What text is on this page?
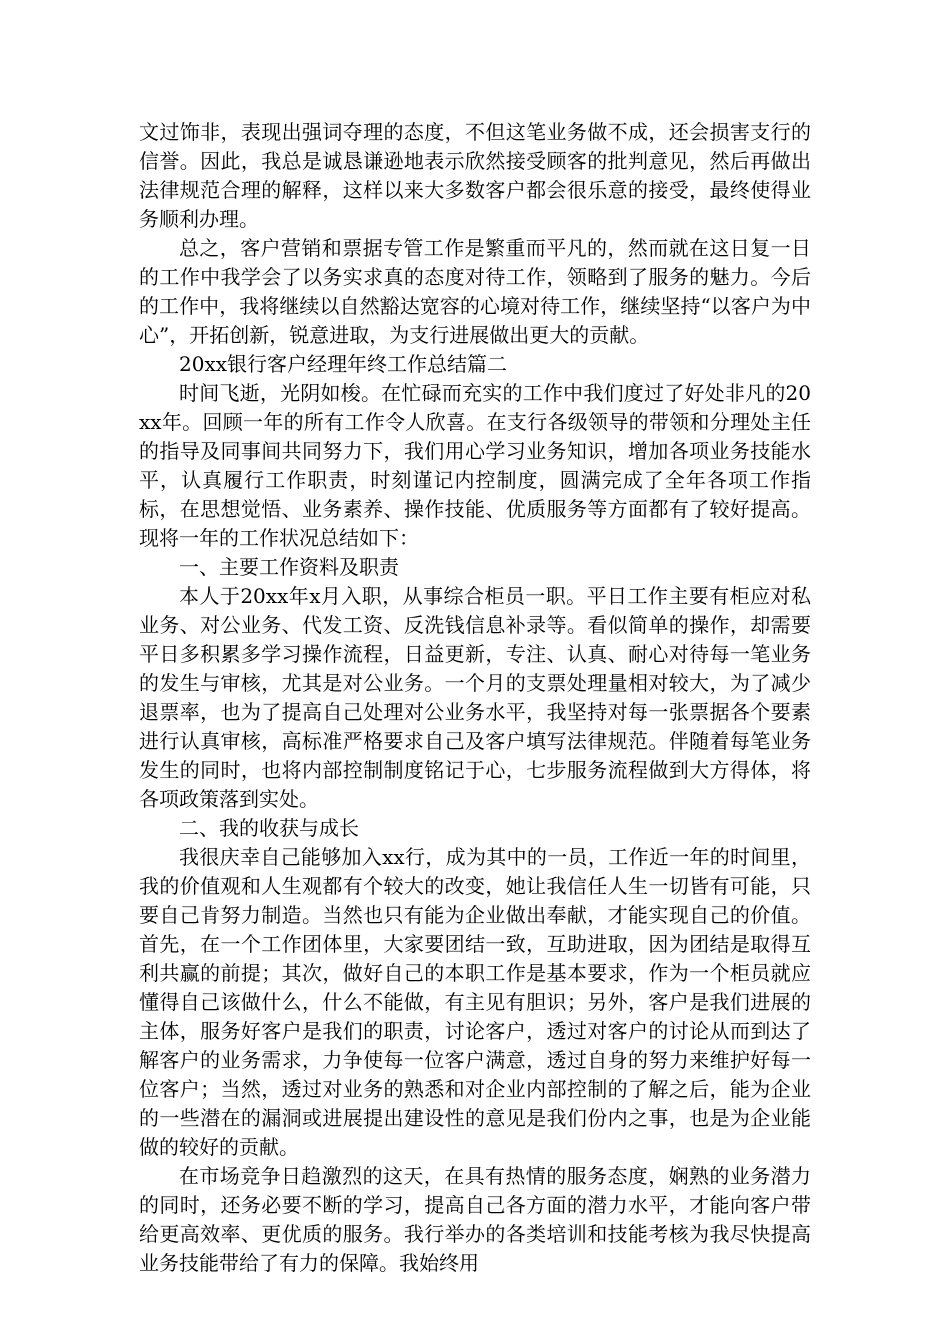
文过饰非，表现出强词夺理的态度，不但这笔业务做不成，还会损害支行的信誉。因此，我总是诚恳谦逊地表示欣然接受顾客的批判意见，然后再做出法律规范合理的解释，这样以来大多数客户都会很乐意的接受，最终使得业务顺利办理。

总之，客户营销和票据专管工作是繁重而平凡的，然而就在这日复一日的工作中我学会了以务实求真的态度对待工作，领略到了服务的魅力。今后的工作中，我将继续以自然豁达宽容的心境对待工作，继续坚持“以客户为中心”，开拓创新，锐意进取，为支行进展做出更大的贡献。

20xx银行客户经理年终工作总结篇二

时间飞逝，光阴如梭。在忙碌而充实的工作中我们度过了好处非凡的20xx年。回顾一年的所有工作令人欣喜。在支行各级领导的带领和分理处主任的指导及同事间共同努力下，我们用心学习业务知识，增加各项业务技能水平，认真履行工作职责，时刻谨记内控制度，圆满完成了全年各项工作指标，在思想觉悟、业务素养、操作技能、优质服务等方面都有了较好提高。现将一年的工作状况总结如下：

一、主要工作资料及职责

本人于20xx年x月入职，从事综合柜员一职。平日工作主要有柜应对私业务、对公业务、代发工资、反洗钱信息补录等。看似简单的操作，却需要平日多积累多学习操作流程，日益更新，专注、认真、耐心对待每一笔业务的发生与审核，尤其是对公业务。一个月的支票处理量相对较大，为了减少退票率，也为了提高自己处理对公业务水平，我坚持对每一张票据各个要素进行认真审核，高标准严格要求自己及客户填写法律规范。伴随着每笔业务发生的同时，也将内部控制制度铭记于心，七步服务流程做到大方得体，将各项政策落到实处。

二、我的收获与成长

我很庆幸自己能够加入xx行，成为其中的一员，工作近一年的时间里，我的价值观和人生观都有个较大的改变，她让我信任人生一切皆有可能，只要自己肯努力制造。当然也只有能为企业做出奉献，才能实现自己的价值。首先，在一个工作团体里，大家要团结一致，互助进取，因为团结是取得互利共赢的前提；其次，做好自己的本职工作是基本要求，作为一个柜员就应懂得自己该做什么，什么不能做，有主见有胆识；另外，客户是我们进展的主体，服务好客户是我们的职责，讨论客户，透过对客户的讨论从而到达了解客户的业务需求，力争使每一位客户满意，透过自身的努力来维护好每一位客户；当然，透过对业务的熟悉和对企业内部控制的了解之后，能为企业的一些潜在的漏洞或进展提出建设性的意见是我们份内之事，也是为企业能做的较好的贡献。

在市场竞争日趋激烈的这天，在具有热情的服务态度，娴熟的业务潜力的同时，还务必要不断的学习，提高自己各方面的潜力水平，才能向客户带给更高效率、更优质的服务。我行举办的各类培训和技能考核为我尽快提高业务技能带给了有力的保障。我始终用
